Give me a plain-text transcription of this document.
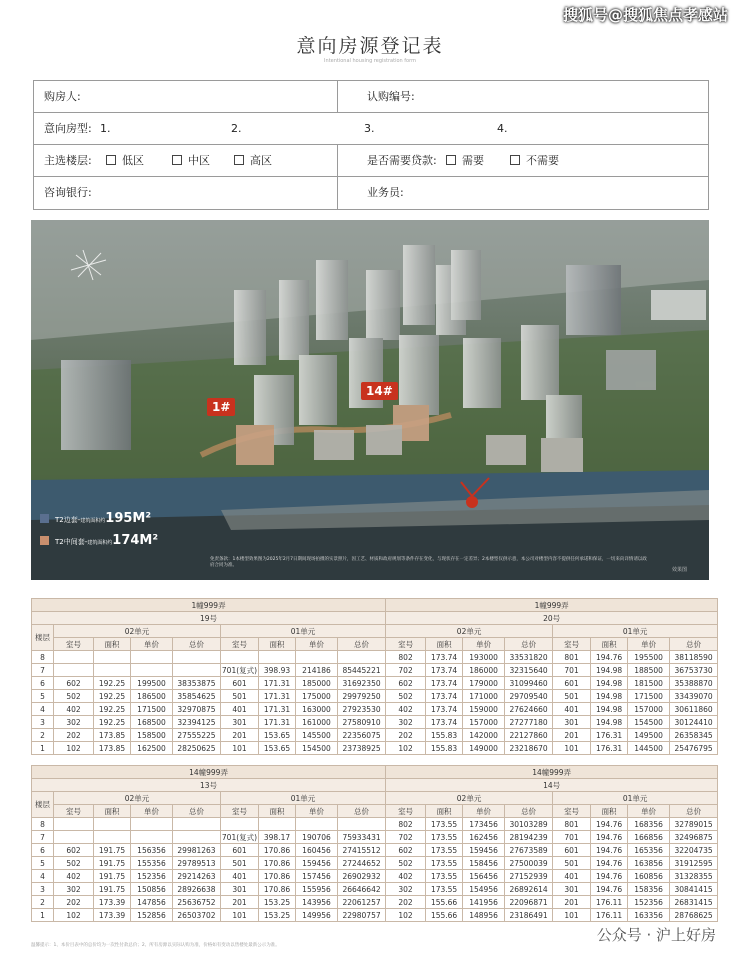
搜狐号@搜狐焦点孝感站
意向房源登记表
Intentional housing registration form
购房人:	认购编号:
意向房型: 1.	2.	3.	4.
主选楼层:	低区	中区	高区	是否需要贷款:	需要	不需要
咨询银行:	业务员:
1#
14#
效果图
T2边套-建筑面积约195M²
T2中间套-建筑面积约174M²
免责条款：1本楼型效果图为2025年2月7日期间现场拍摄的实景照片，因工艺、材质和政府规划等条件存在变化，与现状存在一定差异；2本楼型仅供示意，本公司对楼型内容不提供任何承诺和保证，一切来向详情请以政府合同为准。
1幢999弄									1幢999弄							
19号									20号							
楼层	02单元				01单元				02单元				01单元			
	室号	面积	单价	总价	室号	面积	单价	总价	室号	面积	单价	总价	室号	面积	单价	总价
8									802	173.74	193000	33531820	801	194.76	195500	38118590
7					701(复式)	398.93	214186	85445221	702	173.74	186000	32315640	701	194.98	188500	36753730
6	602	192.25	199500	38353875	601	171.31	185000	31692350	602	173.74	179000	31099460	601	194.98	181500	35388870
5	502	192.25	186500	35854625	501	171.31	175000	29979250	502	173.74	171000	29709540	501	194.98	171500	33439070
4	402	192.25	171500	32970875	401	171.31	163000	27923530	402	173.74	159000	27624660	401	194.98	157000	30611860
3	302	192.25	168500	32394125	301	171.31	161000	27580910	302	173.74	157000	27277180	301	194.98	154500	30124410
2	202	173.85	158500	27555225	201	153.65	145500	22356075	202	155.83	142000	22127860	201	176.31	149500	26358345
1	102	173.85	162500	28250625	101	153.65	154500	23738925	102	155.83	149000	23218670	101	176.31	144500	25476795
14幢999弄									14幢999弄							
13号									14号							
楼层	02单元				01单元				02单元				01单元			
	室号	面积	单价	总价	室号	面积	单价	总价	室号	面积	单价	总价	室号	面积	单价	总价
8									802	173.55	173456	30103289	801	194.76	168356	32789015
7					701(复式)	398.17	190706	75933431	702	173.55	162456	28194239	701	194.76	166856	32496875
6	602	191.75	156356	29981263	601	170.86	160456	27415512	602	173.55	159456	27673589	601	194.76	165356	32204735
5	502	191.75	155356	29789513	501	170.86	159456	27244652	502	173.55	158456	27500039	501	194.76	163856	31912595
4	402	191.75	152356	29214263	401	170.86	157456	26902932	402	173.55	156456	27152939	401	194.76	160856	31328355
3	302	191.75	150856	28926638	301	170.86	155956	26646642	302	173.55	154956	26892614	301	194.76	158356	30841415
2	202	173.39	147856	25636752	201	153.25	143956	22061257	202	155.66	141956	22096871	201	176.11	152356	26831415
1	102	173.39	152856	26503702	101	153.25	149956	22980757	102	155.66	148956	23186491	101	176.11	163356	28768625
温馨提示：1、本价目表中的总价均为一次性付款总价；2、所有房源以实际认购为准，价格如有变动以售楼处最新公示为准。
公众号 · 沪上好房
